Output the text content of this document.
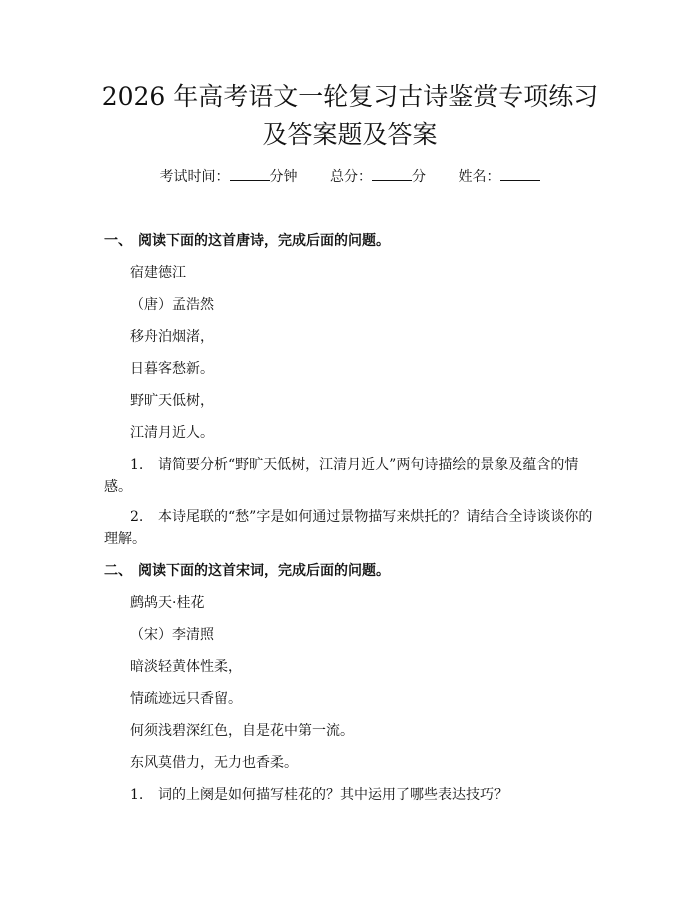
2026 年高考语文一轮复习古诗鉴赏专项练习
及答案题及答案
考试时间：	分钟 总分：	分 姓名：
一、 阅读下面的这首唐诗，完成后面的问题。
宿建德江
（唐）孟浩然
移舟泊烟渚，
日暮客愁新。
野旷天低树，
江清月近人。
1. 请简要分析“野旷天低树，江清月近人”两句诗描绘的景象及蕴含的情
感。
2. 本诗尾联的“愁”字是如何通过景物描写来烘托的？请结合全诗谈谈你的
理解。
二、 阅读下面的这首宋词，完成后面的问题。
鹧鸪天·桂花
（宋）李清照
暗淡轻黄体性柔，
情疏迹远只香留。
何须浅碧深红色，自是花中第一流。
东风莫借力，无力也香柔。
1. 词的上阕是如何描写桂花的？其中运用了哪些表达技巧？
